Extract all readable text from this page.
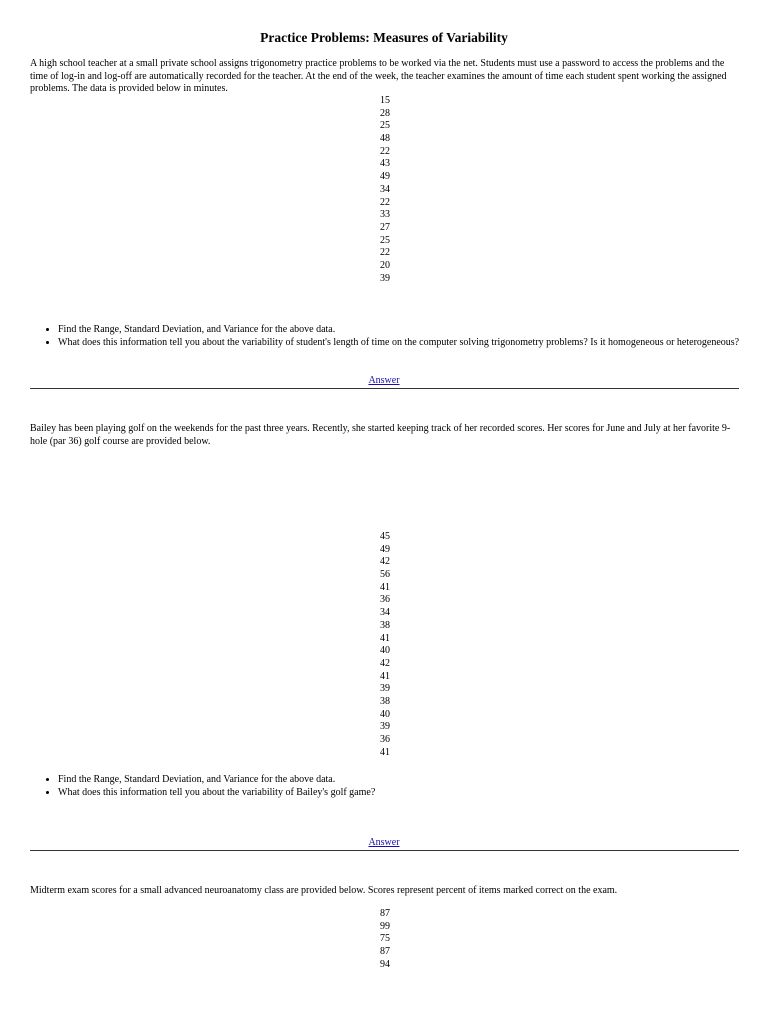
Practice Problems: Measures of Variability

A high school teacher at a small private school assigns trigonometry practice problems to be worked via the net. Students must use a password to access the problems and the time of log-in and log-off are automatically recorded for the teacher. At the end of the week, the teacher examines the amount of time each student spent working the assigned problems. The data is provided below in minutes.

15
28
25
48
22
43
49
34
22
33
27
25
22
20
39
• Find the Range, Standard Deviation, and Variance for the above data.
• What does this information tell you about the variability of student's length of time on the computer solving trigonometry problems? Is it homogeneous or heterogeneous?
Answer

Bailey has been playing golf on the weekends for the past three years. Recently, she started keeping track of her recorded scores. Her scores for June and July at her favorite 9-hole (par 36) golf course are provided below.

45
49
42
56
41
36
34
38
41
40
42
41
39
38
40
39
36
41
• Find the Range, Standard Deviation, and Variance for the above data.
• What does this information tell you about the variability of Bailey's golf game?
Answer

Midterm exam scores for a small advanced neuroanatomy class are provided below. Scores represent percent of items marked correct on the exam.

87
99
75
87
94
